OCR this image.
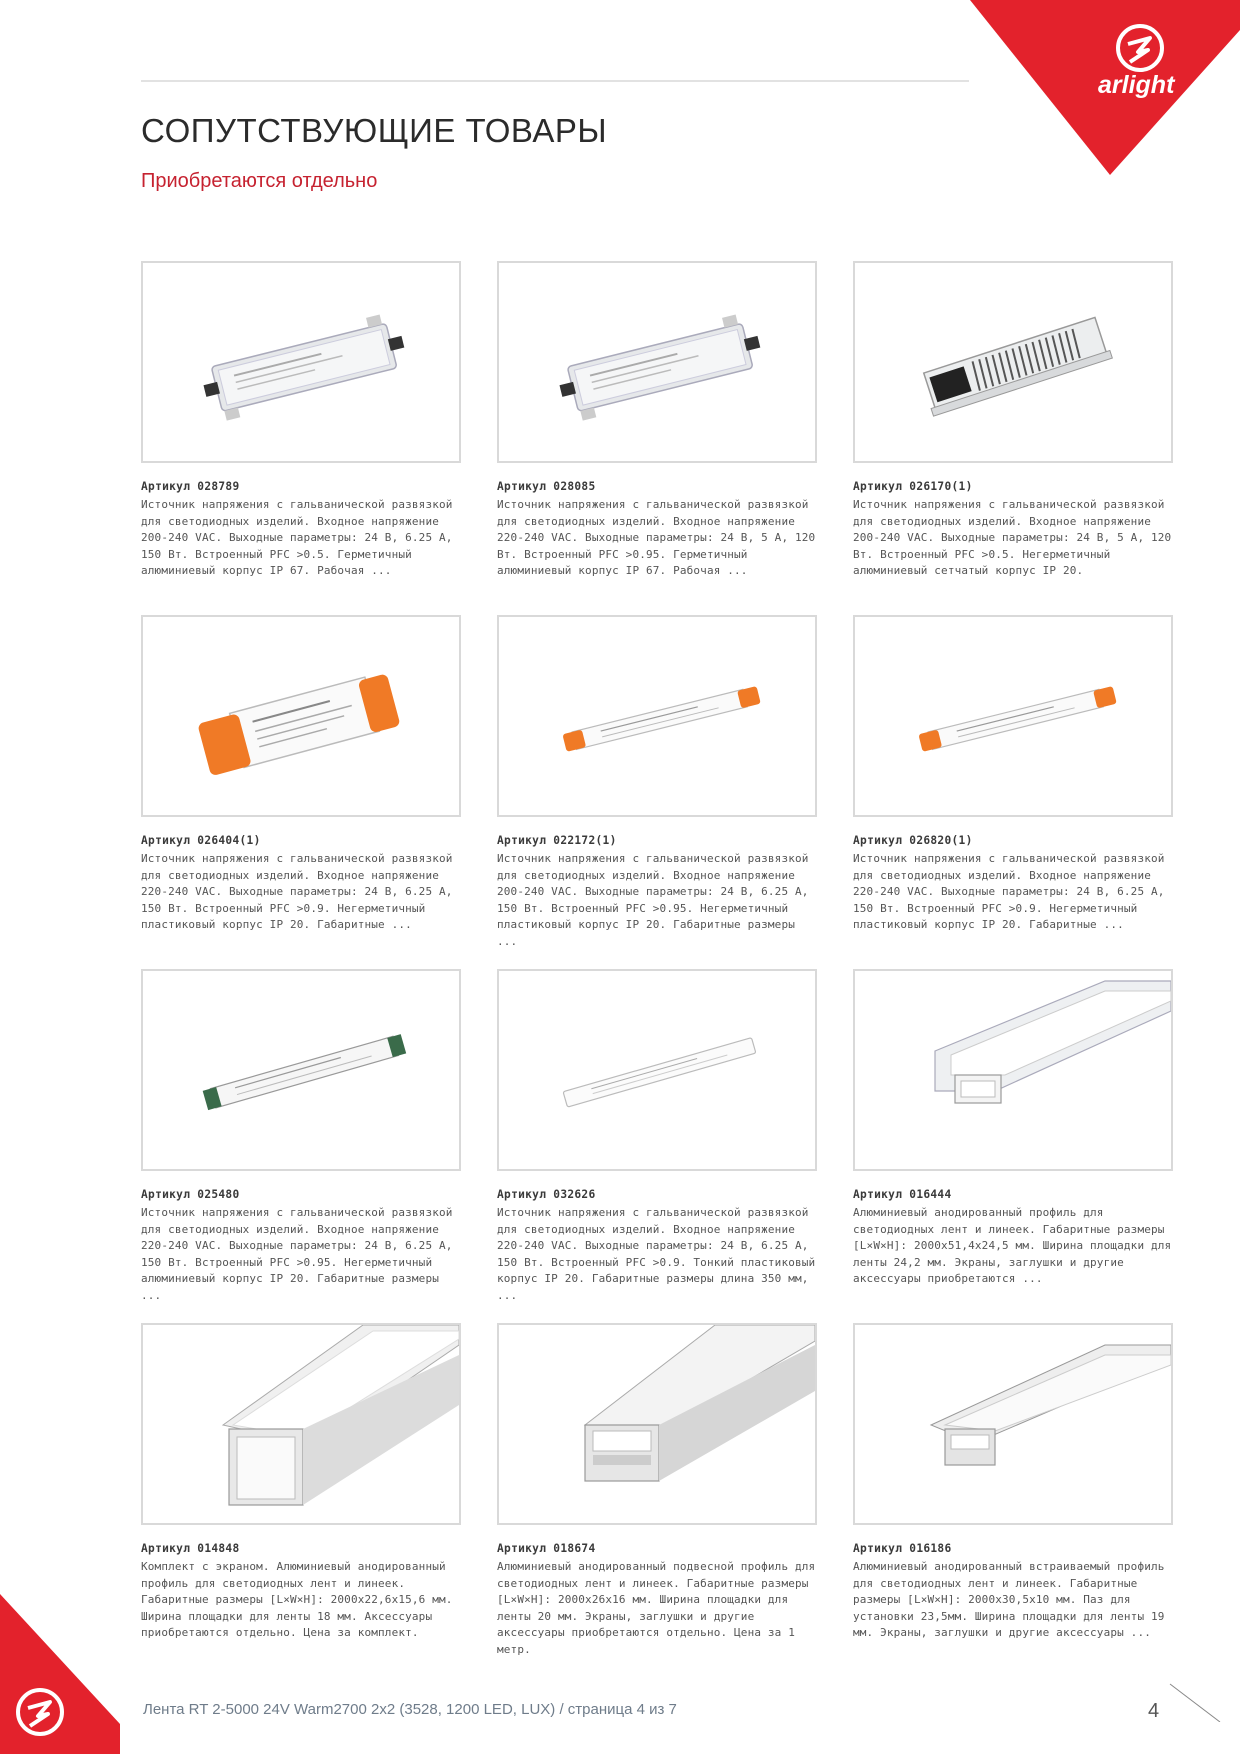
arlight
СОПУТСТВУЮЩИЕ ТОВАРЫ

Приобретаются отдельно

Артикул 028789
Источник напряжения с гальванической развязкой для светодиодных изделий. Входное напряжение 200-240 VAC. Выходные параметры: 24 В, 6.25 А, 150 Вт. Встроенный PFC >0.5. Герметичный алюминиевый корпус IP 67. Рабочая ...
Артикул 028085
Источник напряжения с гальванической развязкой для светодиодных изделий. Входное напряжение 220-240 VAC. Выходные параметры: 24 В, 5 А, 120 Вт. Встроенный PFC >0.95. Герметичный алюминиевый корпус IP 67. Рабочая ...
Артикул 026170(1)
Источник напряжения с гальванической развязкой для светодиодных изделий. Входное напряжение 200-240 VAC. Выходные параметры: 24 В, 5 А, 120 Вт. Встроенный PFC >0.5. Негерметичный алюминиевый сетчатый корпус IP 20.
Артикул 026404(1)
Источник напряжения с гальванической развязкой для светодиодных изделий. Входное напряжение 220-240 VAC. Выходные параметры: 24 В, 6.25 А, 150 Вт. Встроенный PFC >0.9. Негерметичный пластиковый корпус IP 20. Габаритные ...
Артикул 022172(1)
Источник напряжения с гальванической развязкой для светодиодных изделий. Входное напряжение 200-240 VAC. Выходные параметры: 24 В, 6.25 А, 150 Вт. Встроенный PFC >0.95. Негерметичный пластиковый корпус IP 20. Габаритные размеры ...
Артикул 026820(1)
Источник напряжения с гальванической развязкой для светодиодных изделий. Входное напряжение 220-240 VAC. Выходные параметры: 24 В, 6.25 А, 150 Вт. Встроенный PFC >0.9. Негерметичный пластиковый корпус IP 20. Габаритные ...
Артикул 025480
Источник напряжения с гальванической развязкой для светодиодных изделий. Входное напряжение 220-240 VAC. Выходные параметры: 24 В, 6.25 А, 150 Вт. Встроенный PFC >0.95. Негерметичный алюминиевый корпус IP 20. Габаритные размеры ...
Артикул 032626
Источник напряжения с гальванической развязкой для светодиодных изделий. Входное напряжение 220-240 VAC. Выходные параметры: 24 В, 6.25 А, 150 Вт. Встроенный PFC >0.9. Тонкий пластиковый корпус IP 20. Габаритные размеры длина 350 мм, ...
Артикул 016444
Алюминиевый анодированный профиль для светодиодных лент и линеек. Габаритные размеры [L×W×H]: 2000x51,4x24,5 мм. Ширина площадки для ленты 24,2 мм. Экраны, заглушки и другие аксессуары приобретаются ...
Артикул 014848
Комплект с экраном. Алюминиевый анодированный профиль для светодиодных лент и линеек. Габаритные размеры [L×W×H]: 2000x22,6x15,6 мм. Ширина площадки для ленты 18 мм. Аксессуары приобретаются отдельно. Цена за комплект.
Артикул 018674
Алюминиевый анодированный подвесной профиль для светодиодных лент и линеек. Габаритные размеры [L×W×H]: 2000x26x16 мм. Ширина площадки для ленты 20 мм. Экраны, заглушки и другие аксессуары приобретаются отдельно. Цена за 1 метр.
Артикул 016186
Алюминиевый анодированный встраиваемый профиль для светодиодных лент и линеек. Габаритные размеры [L×W×H]: 2000x30,5x10 мм. Паз для установки 23,5мм. Ширина площадки для ленты 19 мм. Экраны, заглушки и другие аксессуары ...
Лента RT 2-5000 24V Warm2700 2x2 (3528, 1200 LED, LUX) / страница 4 из 7	4
